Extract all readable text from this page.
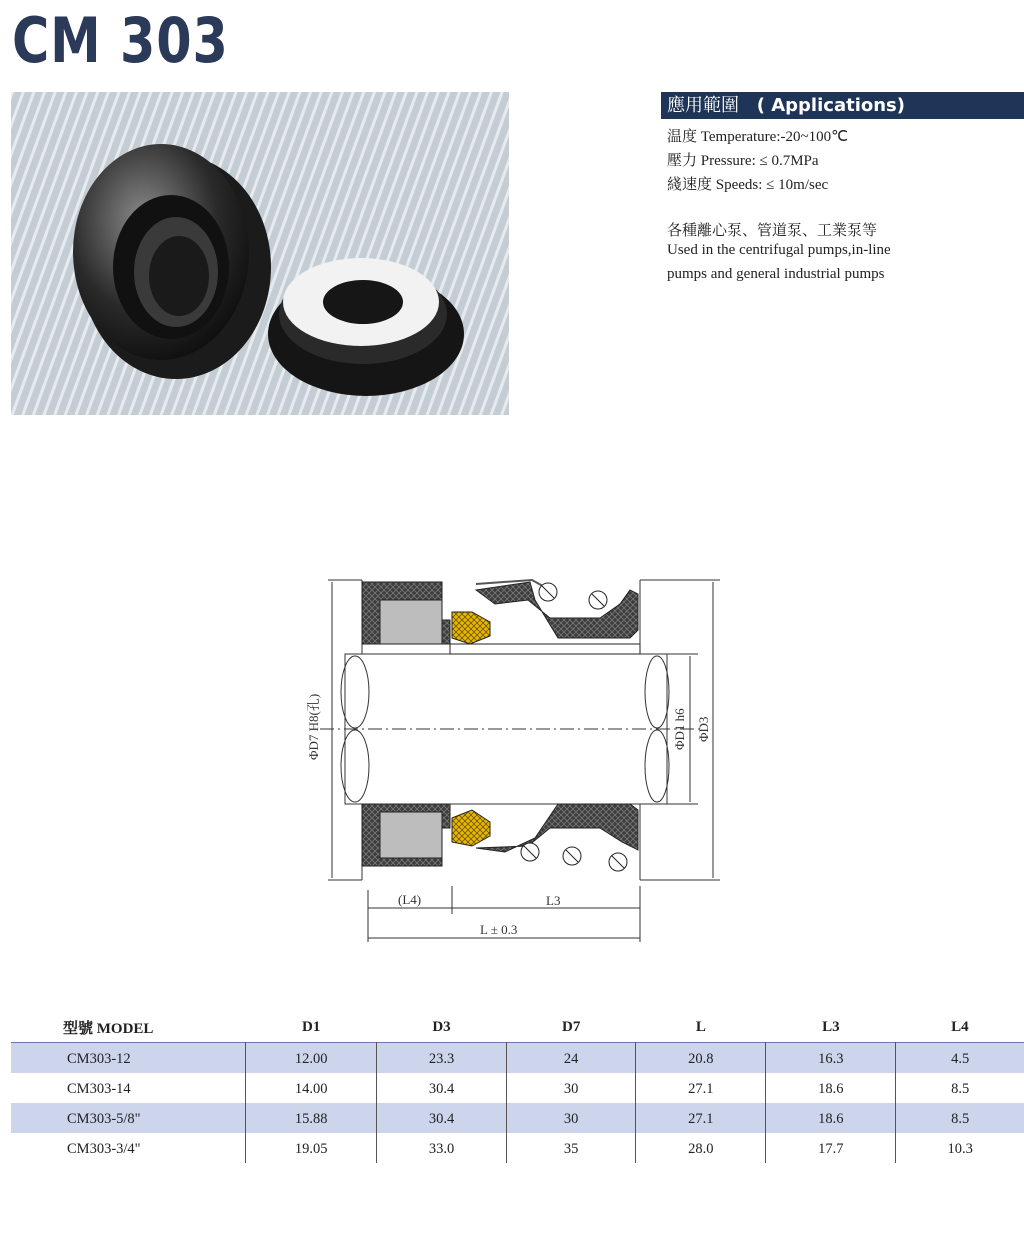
CM 303
應用範圍 ( Applications)
温度 Temperature:-20~100℃
壓力 Pressure: ≤ 0.7MPa
綫速度 Speeds: ≤ 10m/sec
各種離心泵、管道泵、工業泵等
Used in the centrifugal pumps,in-line
pumps and general industrial pumps
ΦD7 H8(孔)	ΦD1 h6 ΦD3
(L4)	L3
L ± 0.3
型號 MODEL	D1	D3	D7	L	L3	L4
CM303-12	12.00	23.3	24	20.8	16.3	4.5
CM303-14	14.00	30.4	30	27.1	18.6	8.5
CM303-5/8"	15.88	30.4	30	27.1	18.6	8.5
CM303-3/4"	19.05	33.0	35	28.0	17.7	10.3
